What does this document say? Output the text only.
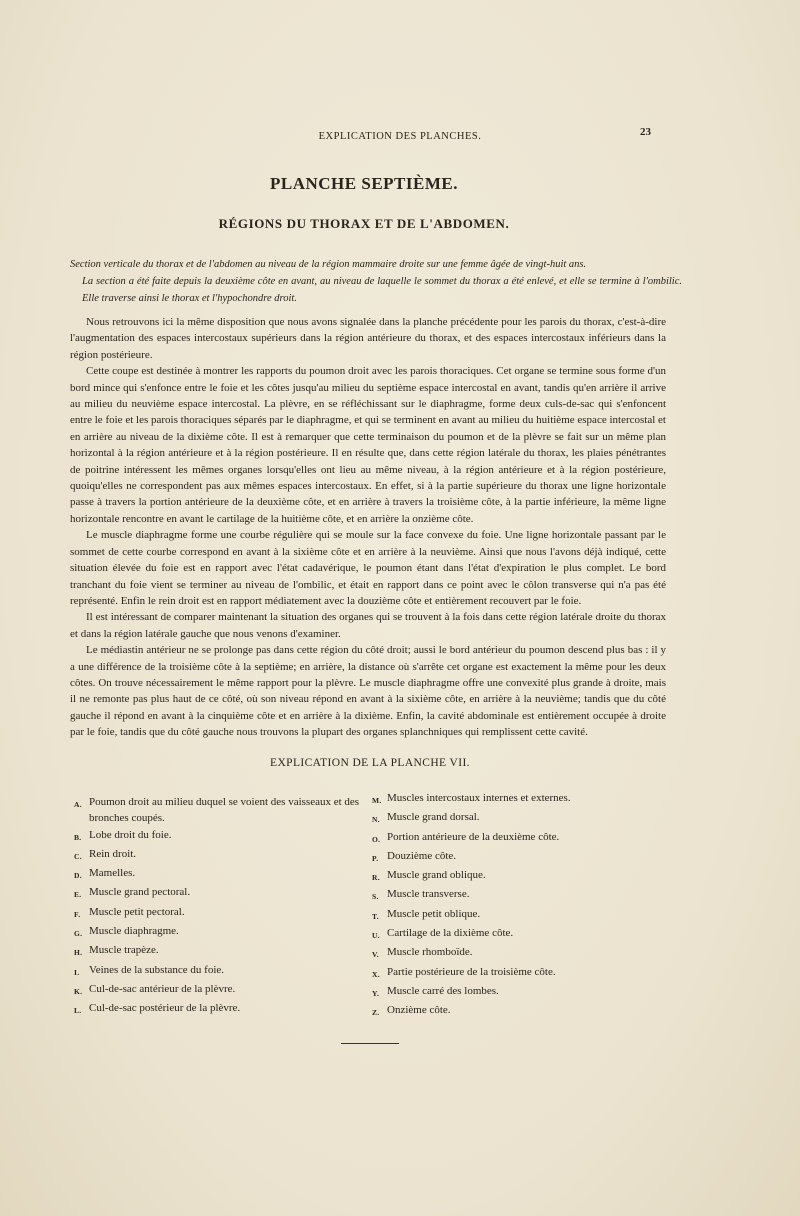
EXPLICATION DES PLANCHES.	23
PLANCHE SEPTIÈME.
RÉGIONS DU THORAX ET DE L'ABDOMEN.

Section verticale du thorax et de l'abdomen au niveau de la région mammaire droite sur une femme âgée de vingt-huit ans.

La section a été faite depuis la deuxième côte en avant, au niveau de laquelle le sommet du thorax a été enlevé, et elle se termine à l'ombilic. Elle traverse ainsi le thorax et l'hypochondre droit.

Nous retrouvons ici la même disposition que nous avons signalée dans la planche précédente pour les parois du thorax, c'est-à-dire l'augmentation des espaces intercostaux supérieurs dans la région antérieure du thorax, et des espaces intercostaux inférieurs dans la région postérieure.

Cette coupe est destinée à montrer les rapports du poumon droit avec les parois thoraciques. Cet organe se termine sous forme d'un bord mince qui s'enfonce entre le foie et les côtes jusqu'au milieu du septième espace intercostal en avant, tandis qu'en arrière il arrive au milieu du neuvième espace intercostal. La plèvre, en se réfléchissant sur le diaphragme, forme deux culs-de-sac qui s'enfoncent entre le foie et les parois thoraciques séparés par le diaphragme, et qui se terminent en avant au milieu du huitième espace intercostal et en arrière au niveau de la dixième côte. Il est à remarquer que cette terminaison du poumon et de la plèvre se fait sur un même plan horizontal à la région antérieure et à la région postérieure. Il en résulte que, dans cette région latérale du thorax, les plaies pénétrantes de poitrine intéressent les mêmes organes lorsqu'elles ont lieu au même niveau, à la région antérieure et à la région postérieure, quoiqu'elles ne correspondent pas aux mêmes espaces intercostaux. En effet, si à la partie supérieure du thorax une ligne horizontale passe à travers la portion antérieure de la deuxième côte, et en arrière à travers la troisième côte, à la partie inférieure, la même ligne horizontale rencontre en avant le cartilage de la huitième côte, et en arrière la onzième côte.

Le muscle diaphragme forme une courbe régulière qui se moule sur la face convexe du foie. Une ligne horizontale passant par le sommet de cette courbe correspond en avant à la sixième côte et en arrière à la neuvième. Ainsi que nous l'avons déjà indiqué, cette situation élevée du foie est en rapport avec l'état cadavérique, le poumon étant dans l'état d'expiration le plus complet. Le bord tranchant du foie vient se terminer au niveau de l'ombilic, et était en rapport dans ce point avec le côlon transverse qui n'a pas été représenté. Enfin le rein droit est en rapport médiatement avec la douzième côte et entièrement recouvert par le foie.

Il est intéressant de comparer maintenant la situation des organes qui se trouvent à la fois dans cette région latérale droite du thorax et dans la région latérale gauche que nous venons d'examiner.

Le médiastin antérieur ne se prolonge pas dans cette région du côté droit; aussi le bord antérieur du poumon descend plus bas : il y a une différence de la troisième côte à la septième; en arrière, la distance où s'arrête cet organe est exactement la même pour les deux côtes. On trouve nécessairement le même rapport pour la plèvre. Le muscle diaphragme offre une convexité plus grande à droite, mais il ne remonte pas plus haut de ce côté, où son niveau répond en avant à la sixième côte, en arrière à la neuvième; tandis que du côté gauche il répond en avant à la cinquième côte et en arrière à la dixième. Enfin, la cavité abdominale est entièrement occupée à droite par le foie, tandis que du côté gauche nous trouvons la plupart des organes splanchniques qui remplissent cette cavité.

EXPLICATION DE LA PLANCHE VII.
A. Poumon droit au milieu duquel se voient des vaisseaux et des bronches coupés.
B. Lobe droit du foie.
C. Rein droit.
D. Mamelles.
E. Muscle grand pectoral.
F. Muscle petit pectoral.
G. Muscle diaphragme.
H. Muscle trapèze.
I. Veines de la substance du foie.
K. Cul-de-sac antérieur de la plèvre.
L. Cul-de-sac postérieur de la plèvre.
M. Muscles intercostaux internes et externes.
N. Muscle grand dorsal.
O. Portion antérieure de la deuxième côte.
P. Douzième côte.
R. Muscle grand oblique.
S. Muscle transverse.
T. Muscle petit oblique.
U. Cartilage de la dixième côte.
V. Muscle rhomboïde.
X. Partie postérieure de la troisième côte.
Y. Muscle carré des lombes.
Z. Onzième côte.
